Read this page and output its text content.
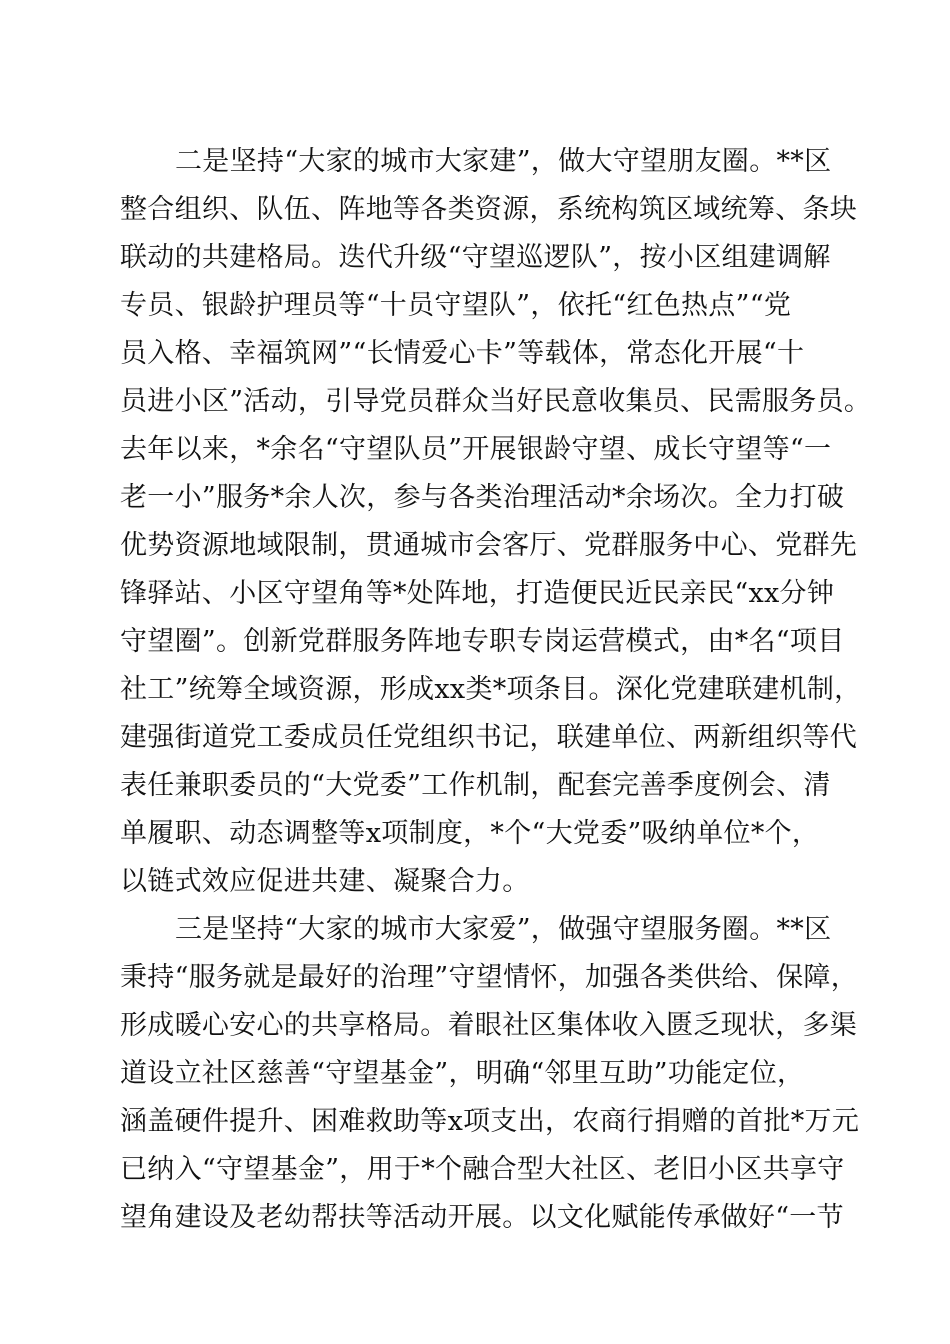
二是坚持“大家的城市大家建”，做大守望朋友圈。**区
整合组织、队伍、阵地等各类资源，系统构筑区域统筹、条块
联动的共建格局。迭代升级“守望巡逻队”，按小区组建调解
专员、银龄护理员等“十员守望队”，依托“红色热点”“党
员入格、幸福筑网”“长情爱心卡”等载体，常态化开展“十
员进小区”活动，引导党员群众当好民意收集员、民需服务员。
去年以来，*余名“守望队员”开展银龄守望、成长守望等“一
老一小”服务*余人次，参与各类治理活动*余场次。全力打破
优势资源地域限制，贯通城市会客厅、党群服务中心、党群先
锋驿站、小区守望角等*处阵地，打造便民近民亲民“xx分钟
守望圈”。创新党群服务阵地专职专岗运营模式，由*名“项目
社工”统筹全域资源，形成xx类*项条目。深化党建联建机制，
建强街道党工委成员任党组织书记，联建单位、两新组织等代
表任兼职委员的“大党委”工作机制，配套完善季度例会、清
单履职、动态调整等x项制度，*个“大党委”吸纳单位*个，
以链式效应促进共建、凝聚合力。
三是坚持“大家的城市大家爱”，做强守望服务圈。**区
秉持“服务就是最好的治理”守望情怀，加强各类供给、保障，
形成暖心安心的共享格局。着眼社区集体收入匮乏现状，多渠
道设立社区慈善“守望基金”，明确“邻里互助”功能定位，
涵盖硬件提升、困难救助等x项支出，农商行捐赠的首批*万元
已纳入“守望基金”，用于*个融合型大社区、老旧小区共享守
望角建设及老幼帮扶等活动开展。以文化赋能传承做好“一节
